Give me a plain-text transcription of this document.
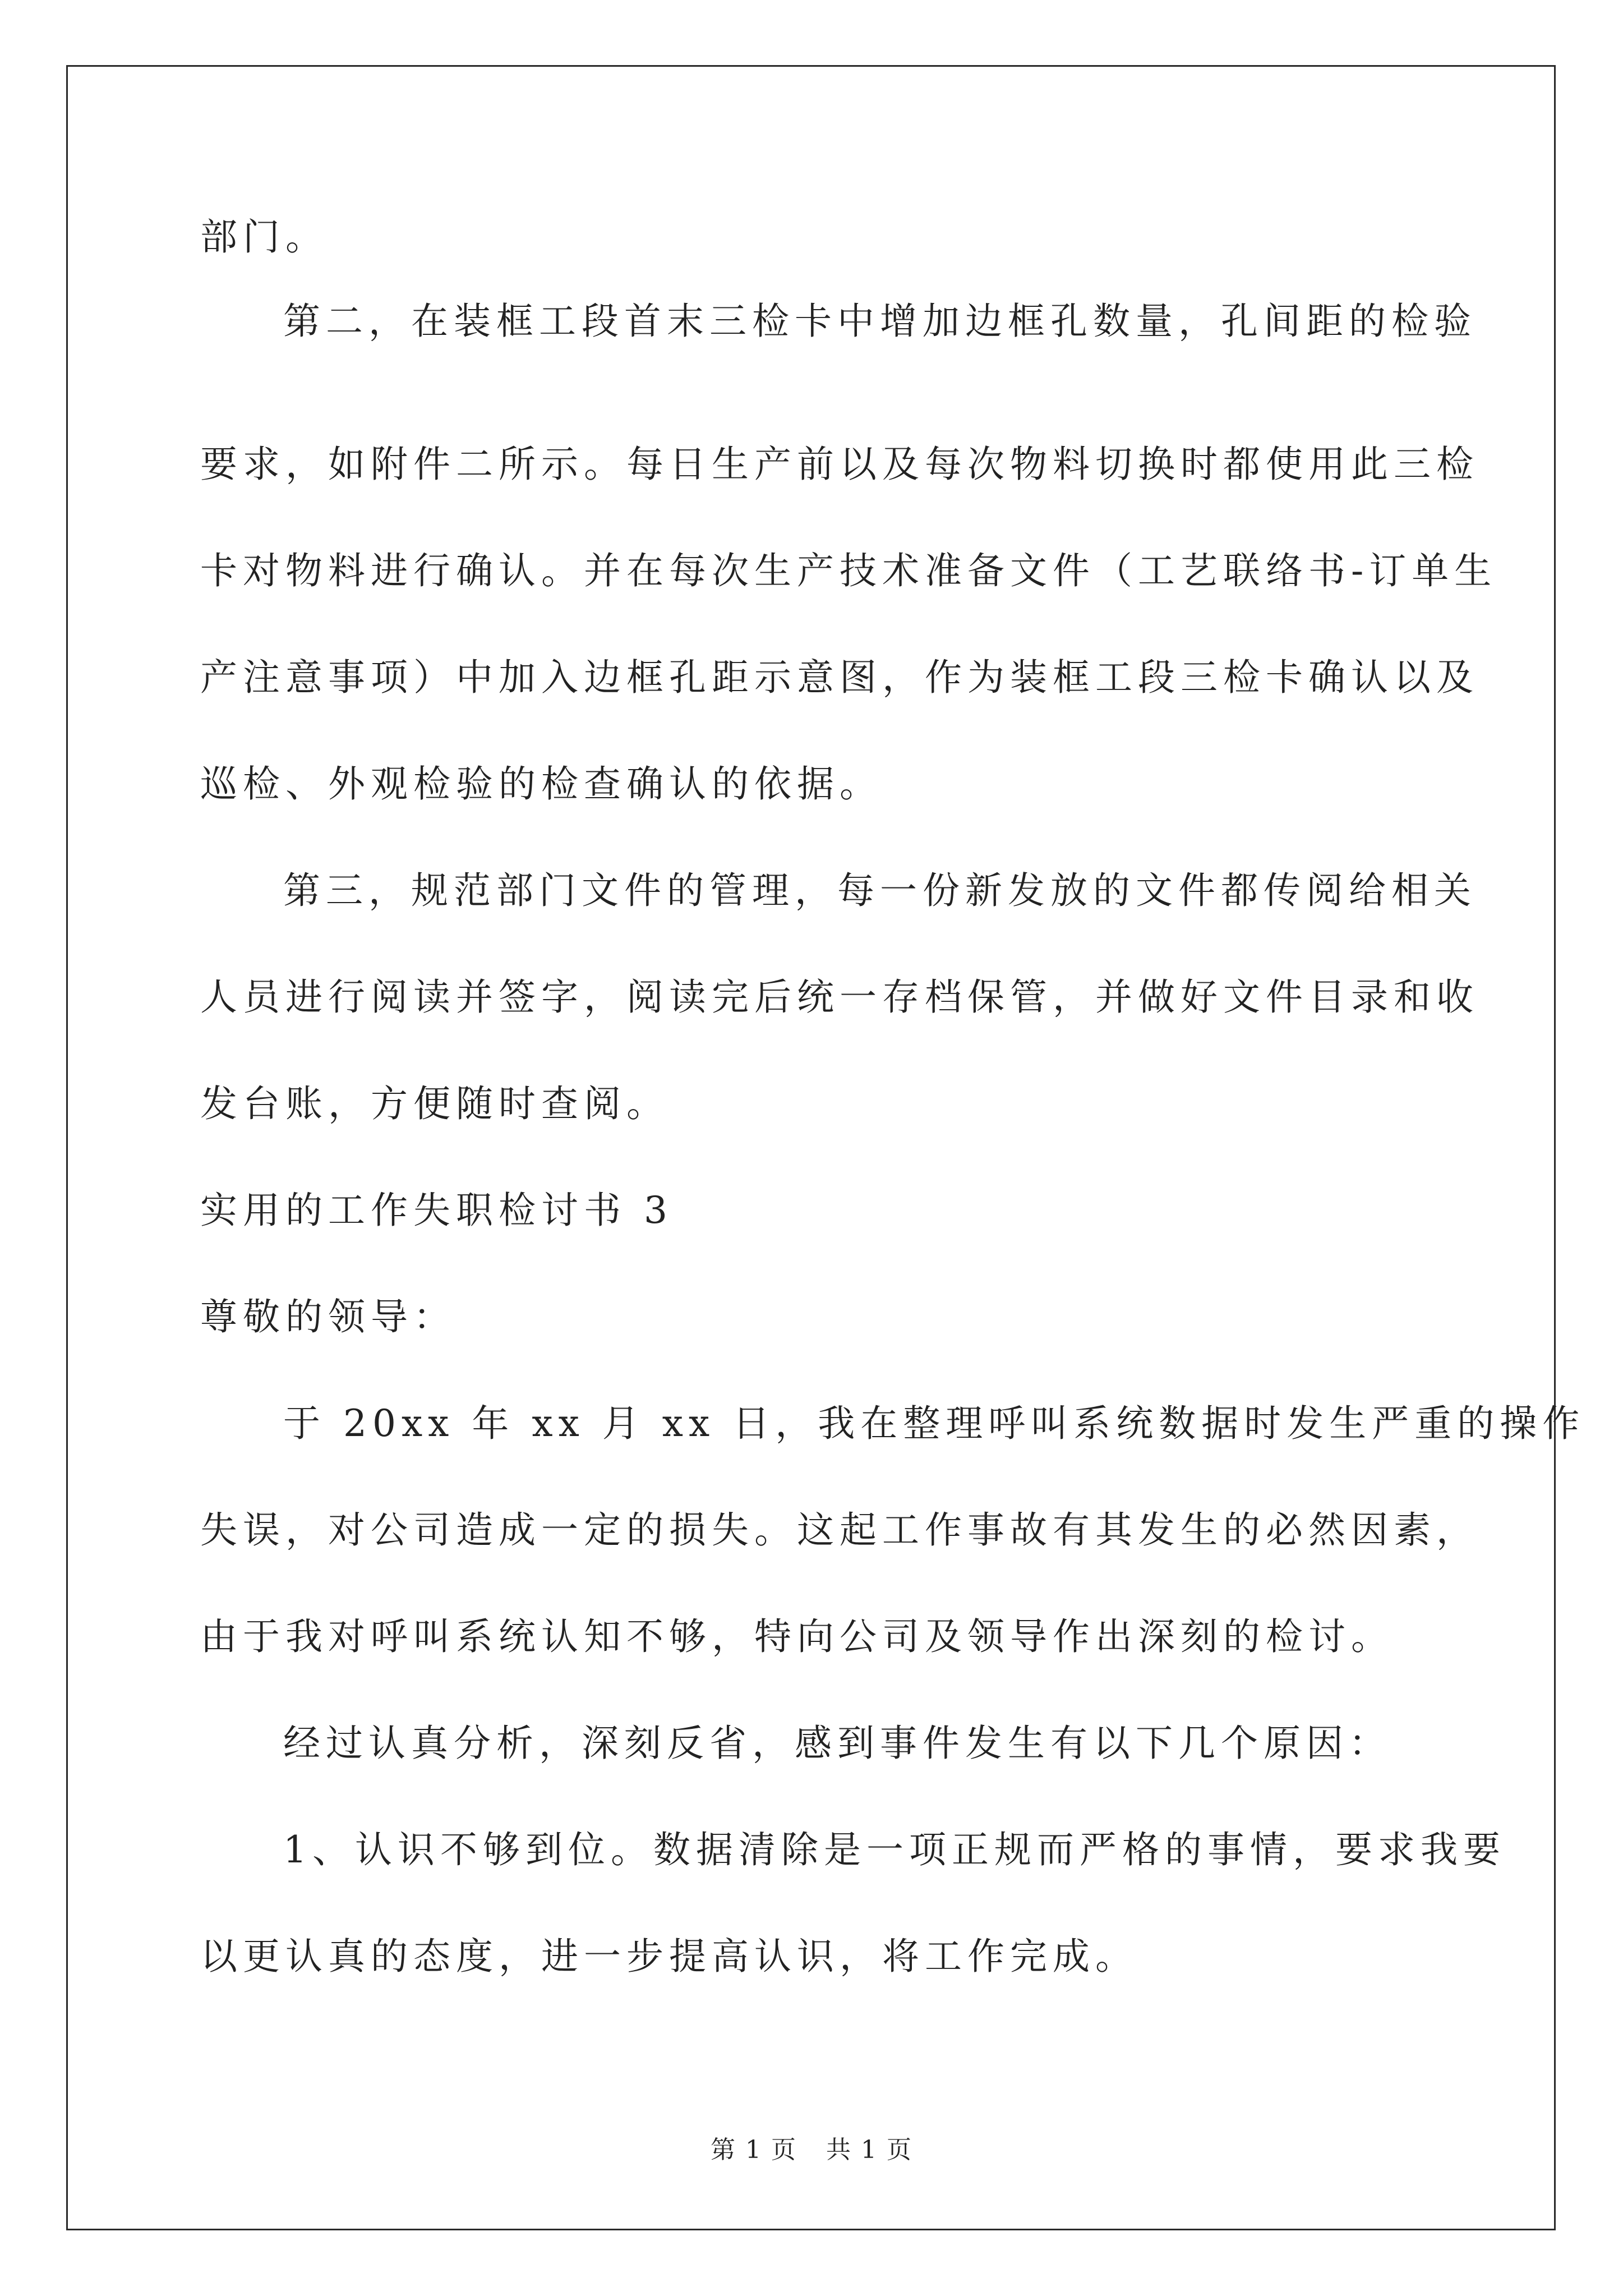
部门。
第二，在装框工段首末三检卡中增加边框孔数量，孔间距的检验
要求，如附件二所示。每日生产前以及每次物料切换时都使用此三检
卡对物料进行确认。并在每次生产技术准备文件（工艺联络书-订单生
产注意事项）中加入边框孔距示意图，作为装框工段三检卡确认以及
巡检、外观检验的检查确认的依据。
第三，规范部门文件的管理，每一份新发放的文件都传阅给相关
人员进行阅读并签字，阅读完后统一存档保管，并做好文件目录和收
发台账，方便随时查阅。
实用的工作失职检讨书 3
尊敬的领导：
于 20xx 年 xx 月 xx 日，我在整理呼叫系统数据时发生严重的操作
失误，对公司造成一定的损失。这起工作事故有其发生的必然因素，
由于我对呼叫系统认知不够，特向公司及领导作出深刻的检讨。
经过认真分析，深刻反省，感到事件发生有以下几个原因：
1、认识不够到位。数据清除是一项正规而严格的事情，要求我要
以更认真的态度，进一步提高认识，将工作完成。
第 1 页 共 1 页
